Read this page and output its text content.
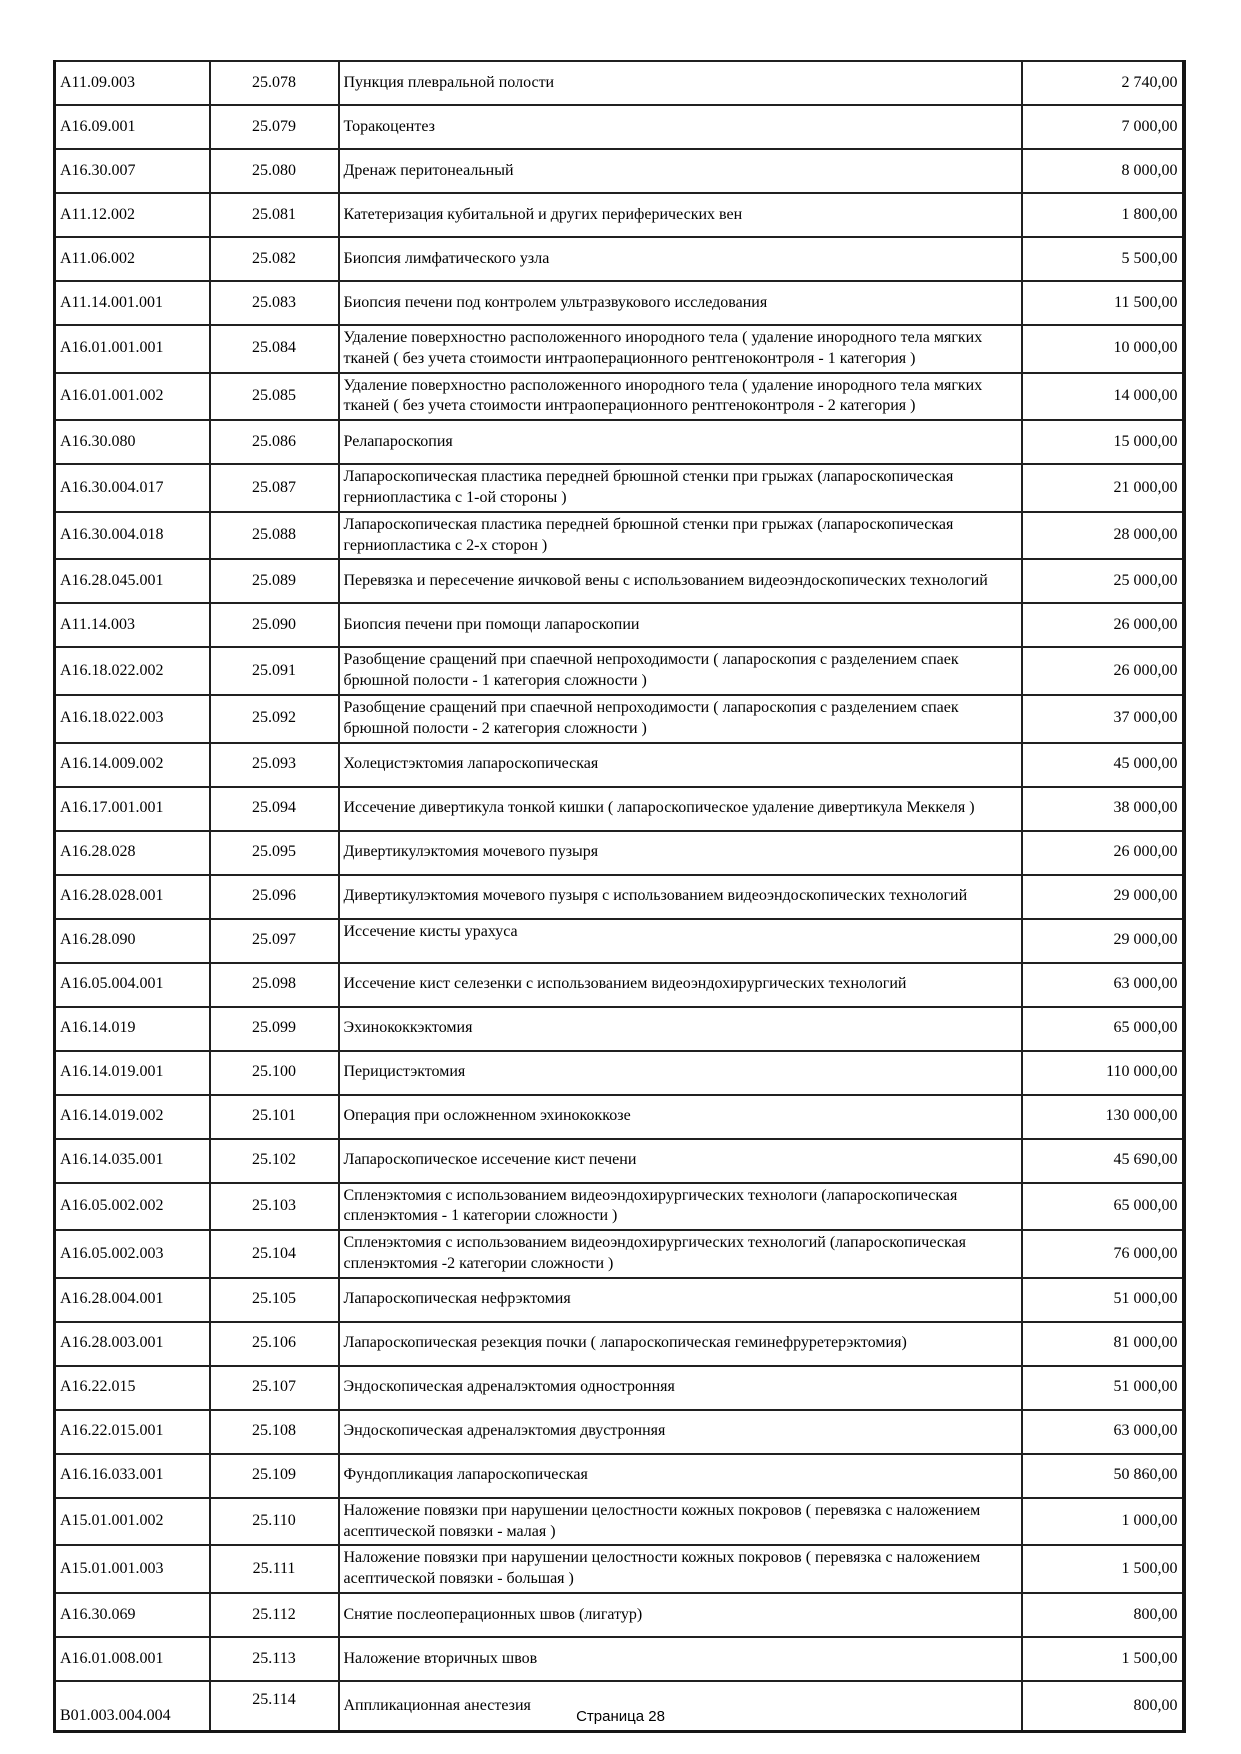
A11.09.003	25.078	Пункция плевральной полости	2 740,00
A16.09.001	25.079	Торакоцентез	7 000,00
A16.30.007	25.080	Дренаж перитонеальный	8 000,00
A11.12.002	25.081	Катетеризация кубитальной и других периферических вен	1 800,00
A11.06.002	25.082	Биопсия лимфатического узла	5 500,00
A11.14.001.001	25.083	Биопсия печени под контролем ультразвукового исследования	11 500,00
A16.01.001.001	25.084	Удаление поверхностно расположенного инородного тела ( удаление инородного тела мягких тканей ( без учета стоимости интраоперационного рентгеноконтроля - 1 категория )	10 000,00
A16.01.001.002	25.085	Удаление поверхностно расположенного инородного тела ( удаление инородного тела мягких тканей ( без учета стоимости интраоперационного рентгеноконтроля - 2 категория )	14 000,00
A16.30.080	25.086	Релапароскопия	15 000,00
A16.30.004.017	25.087	Лапароскопическая пластика передней брюшной стенки при грыжах (лапароскопическая герниопластика с 1-ой стороны )	21 000,00
A16.30.004.018	25.088	Лапароскопическая пластика передней брюшной стенки при грыжах (лапароскопическая герниопластика с 2-х сторон )	28 000,00
A16.28.045.001	25.089	Перевязка и пересечение яичковой вены с использованием видеоэндоскопических технологий	25 000,00
A11.14.003	25.090	Биопсия печени при помощи лапароскопии	26 000,00
A16.18.022.002	25.091	Разобщение сращений при спаечной непроходимости ( лапароскопия с разделением спаек брюшной полости - 1 категория сложности )	26 000,00
A16.18.022.003	25.092	Разобщение сращений при спаечной непроходимости ( лапароскопия с разделением спаек брюшной полости - 2 категория сложности )	37 000,00
A16.14.009.002	25.093	Холецистэктомия лапароскопическая	45 000,00
A16.17.001.001	25.094	Иссечение дивертикула тонкой кишки ( лапароскопическое удаление дивертикула Меккеля )	38 000,00
A16.28.028	25.095	Дивертикулэктомия мочевого пузыря	26 000,00
A16.28.028.001	25.096	Дивертикулэктомия мочевого пузыря с использованием видеоэндоскопических технологий	29 000,00
A16.28.090	25.097	Иссечение кисты урахуса	29 000,00
A16.05.004.001	25.098	Иссечение кист селезенки с использованием видеоэндохирургических технологий	63 000,00
A16.14.019	25.099	Эхинококкэктомия	65 000,00
A16.14.019.001	25.100	Перицистэктомия	110 000,00
A16.14.019.002	25.101	Операция при осложненном эхинококкозе	130 000,00
A16.14.035.001	25.102	Лапароскопическое иссечение кист печени	45 690,00
A16.05.002.002	25.103	Спленэктомия с использованием видеоэндохирургических технологи (лапароскопическая спленэктомия - 1 категории сложности )	65 000,00
A16.05.002.003	25.104	Спленэктомия с использованием видеоэндохирургических технологий (лапароскопическая спленэктомия -2 категории сложности )	76 000,00
A16.28.004.001	25.105	Лапароскопическая нефрэктомия	51 000,00
A16.28.003.001	25.106	Лапароскопическая резекция почки ( лапароскопическая геминефруретерэктомия)	81 000,00
A16.22.015	25.107	Эндоскопическая адреналэктомия одностронняя	51 000,00
A16.22.015.001	25.108	Эндоскопическая адреналэктомия двустронняя	63 000,00
A16.16.033.001	25.109	Фундопликация лапароскопическая	50 860,00
A15.01.001.002	25.110	Наложение повязки при нарушении целостности кожных покровов ( перевязка с наложением асептической повязки - малая )	1 000,00
A15.01.001.003	25.111	Наложение повязки при нарушении целостности кожных покровов ( перевязка с наложением асептической повязки - большая )	1 500,00
A16.30.069	25.112	Снятие послеоперационных швов (лигатур)	800,00
A16.01.008.001	25.113	Наложение вторичных швов	1 500,00
B01.003.004.004	25.114	Аппликационная анестезия	800,00
Страница 28
